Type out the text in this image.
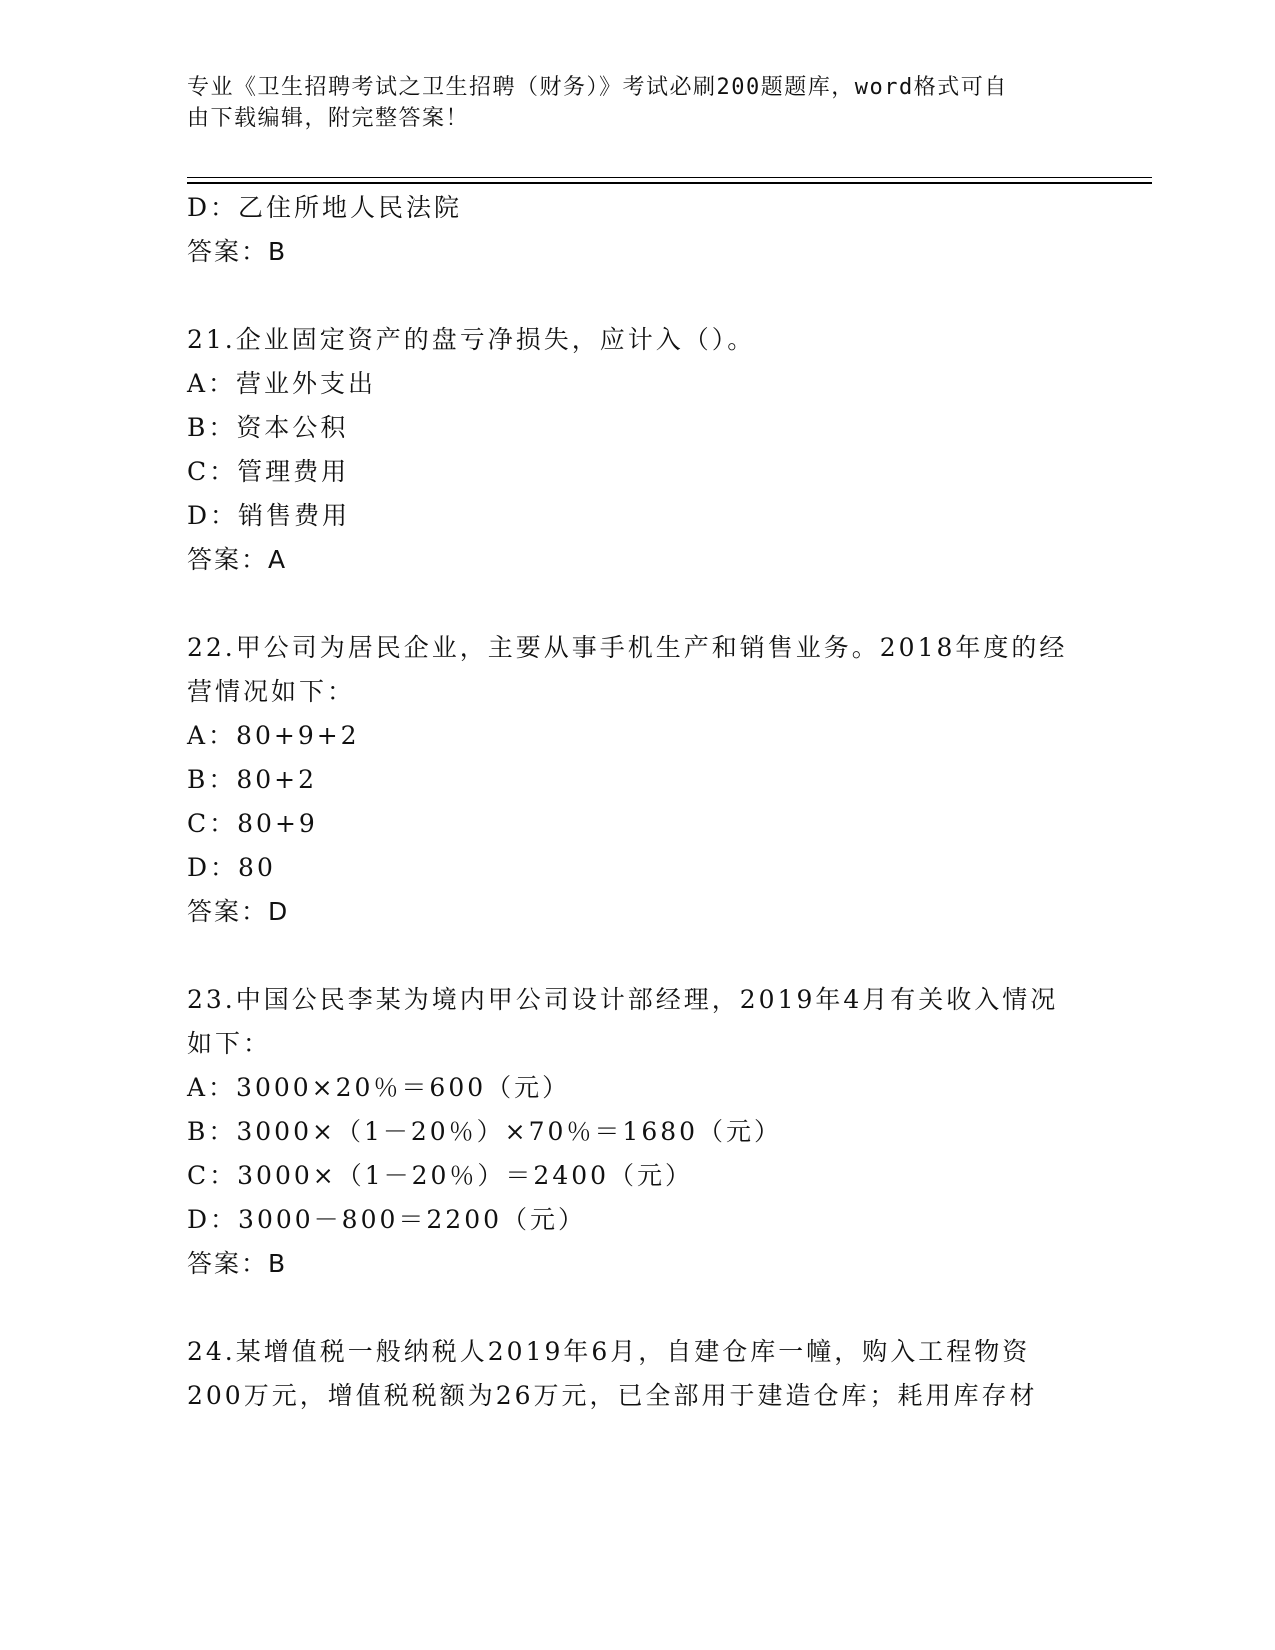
专业《卫生招聘考试之卫生招聘（财务）》考试必刷200题题库，word格式可自
由下载编辑，附完整答案！
D：乙住所地人民法院
答案：B
21.企业固定资产的盘亏净损失，应计入（）。
A：营业外支出
B：资本公积
C：管理费用
D：销售费用
答案：A
22.甲公司为居民企业，主要从事手机生产和销售业务。2018年度的经
营情况如下：
A：80+9+2
B：80+2
C：80+9
D：80
答案：D
23.中国公民李某为境内甲公司设计部经理，2019年4月有关收入情况
如下：
A：3000×20％＝600（元）
B：3000×（1－20％）×70％＝1680（元）
C：3000×（1－20％）＝2400（元）
D：3000－800＝2200（元）
答案：B
24.某增值税一般纳税人2019年6月，自建仓库一幢，购入工程物资
200万元，增值税税额为26万元，已全部用于建造仓库；耗用库存材
